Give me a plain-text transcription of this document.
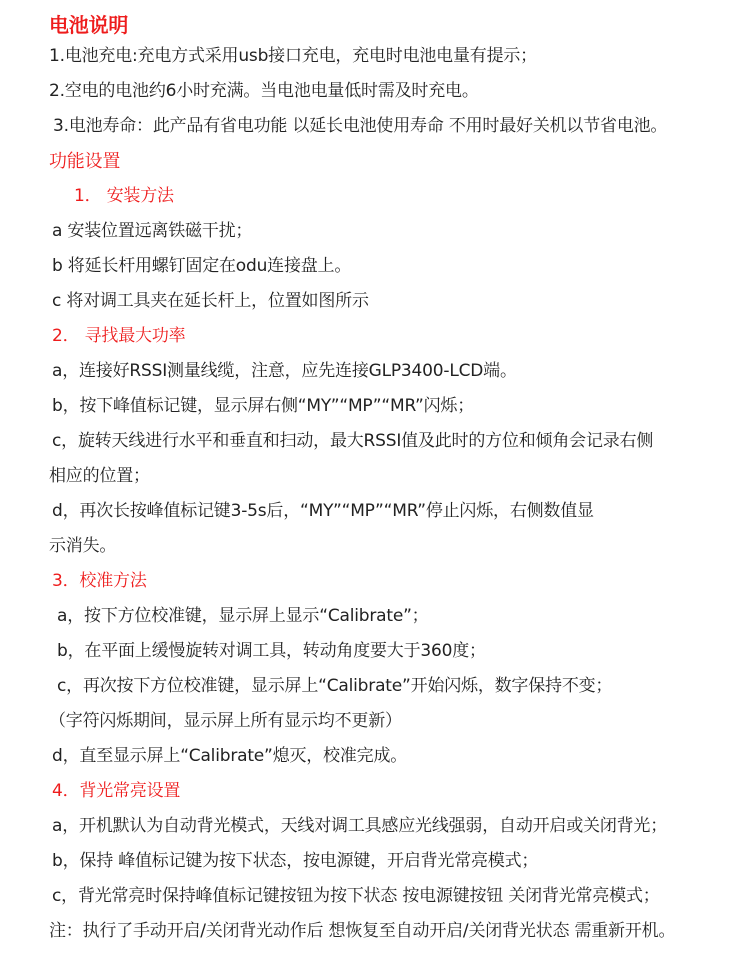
电池说明
1.电池充电:充电方式采用usb接口充电，充电时电池电量有提示；
2.空电的电池约6小时充满。当电池电量低时需及时充电。
3.电池寿命：此产品有省电功能 以延长电池使用寿命 不用时最好关机以节省电池。
功能设置
1． 安装方法
a 安装位置远离铁磁干扰；
b 将延长杆用螺钉固定在odu连接盘上。
c 将对调工具夹在延长杆上，位置如图所示
2． 寻找最大功率
a，连接好RSSI测量线缆，注意，应先连接GLP3400-LCD端。
b，按下峰值标记键，显示屏右侧“MY”“MP”“MR”闪烁；
c，旋转天线进行水平和垂直和扫动，最大RSSI值及此时的方位和倾角会记录右侧
相应的位置；
d，再次长按峰值标记键3-5s后，“MY”“MP”“MR”停止闪烁，右侧数值显
示消失。
3．校准方法
a，按下方位校准键，显示屏上显示“Calibrate”；
b，在平面上缓慢旋转对调工具，转动角度要大于360度；
c，再次按下方位校准键，显示屏上“Calibrate”开始闪烁，数字保持不变；
（字符闪烁期间，显示屏上所有显示均不更新）
d，直至显示屏上“Calibrate”熄灭，校准完成。
4．背光常亮设置
a，开机默认为自动背光模式，天线对调工具感应光线强弱，自动开启或关闭背光；
b，保持 峰值标记键为按下状态，按电源键，开启背光常亮模式；
c，背光常亮时保持峰值标记键按钮为按下状态 按电源键按钮 关闭背光常亮模式；
注：执行了手动开启/关闭背光动作后 想恢复至自动开启/关闭背光状态 需重新开机。
